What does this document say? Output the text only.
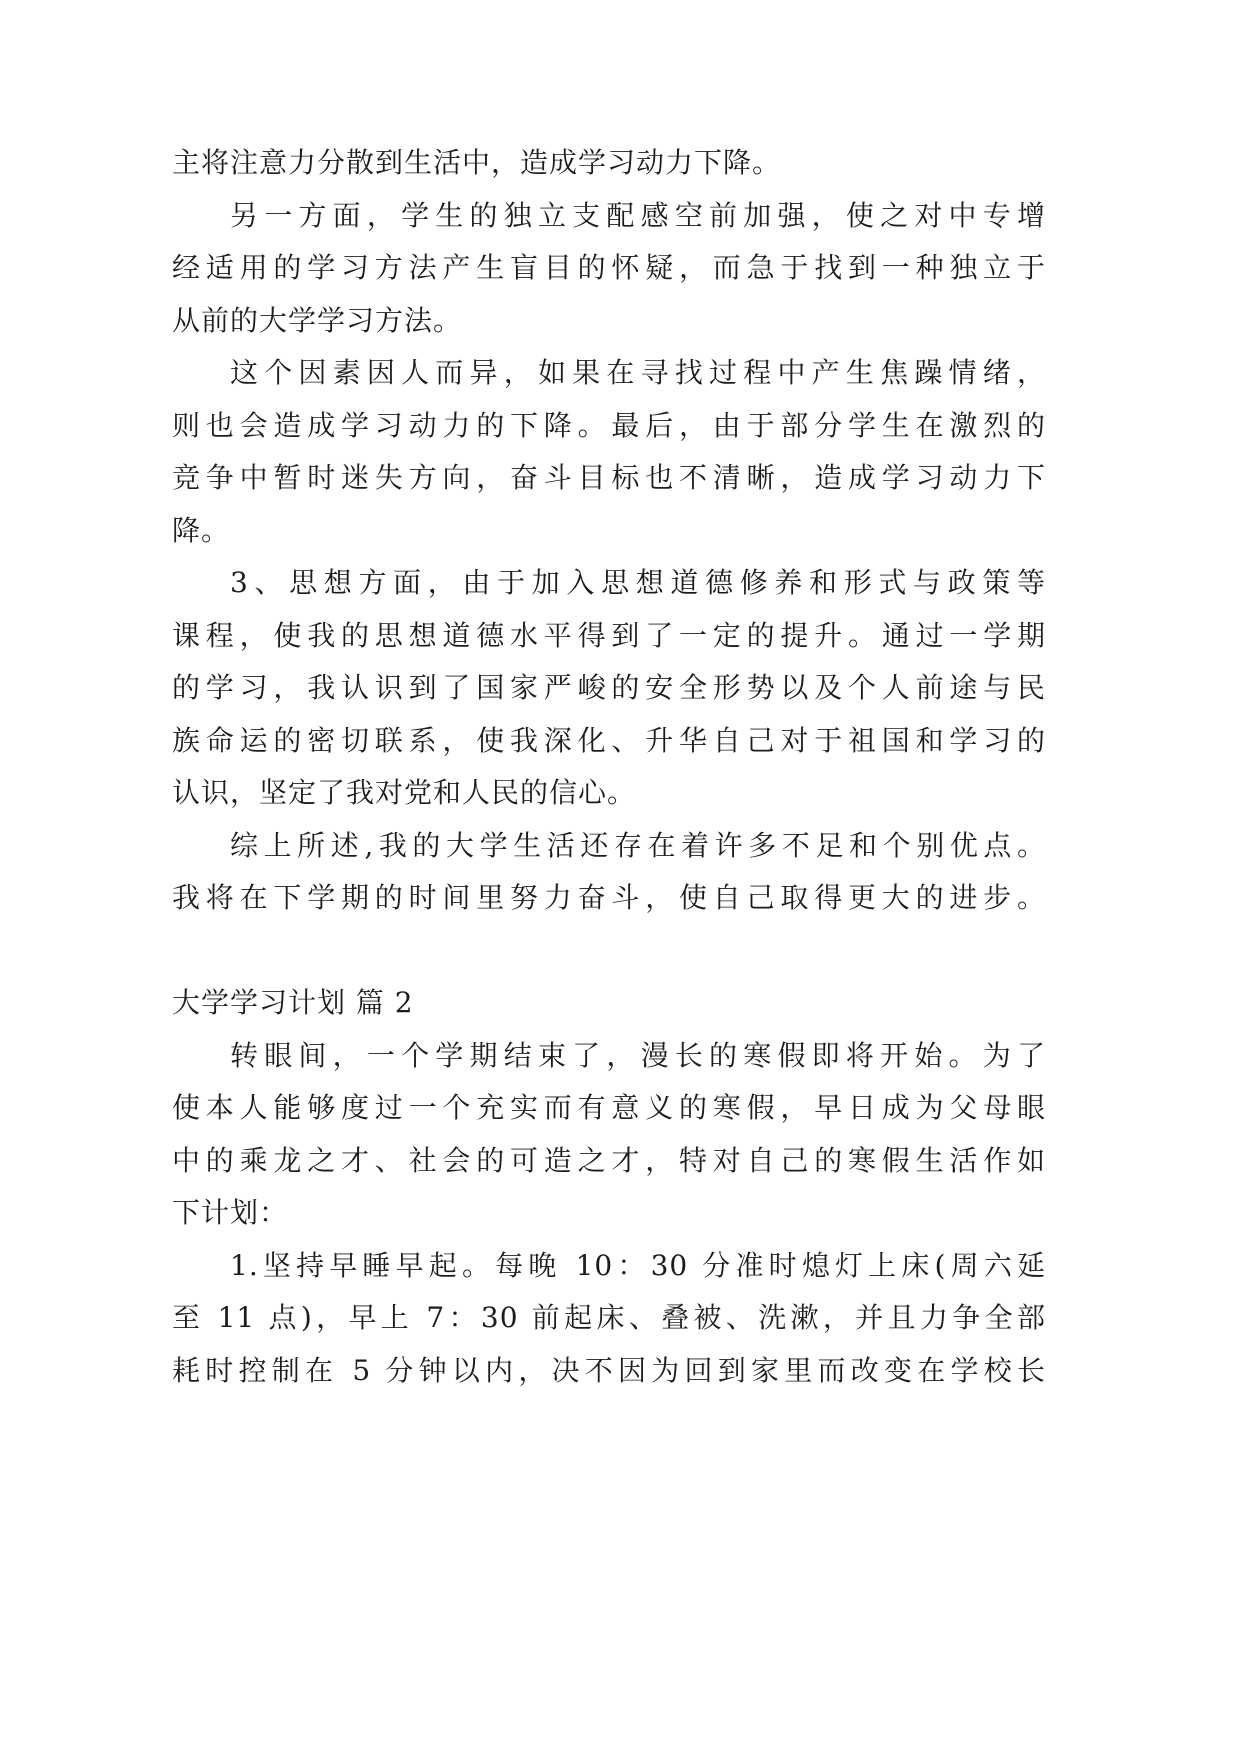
主将注意力分散到生活中，造成学习动力下降。
另一方面，学生的独立支配感空前加强，使之对中专增
经适用的学习方法产生盲目的怀疑，而急于找到一种独立于
从前的大学学习方法。
这个因素因人而异，如果在寻找过程中产生焦躁情绪，
则也会造成学习动力的下降。最后，由于部分学生在激烈的
竞争中暂时迷失方向，奋斗目标也不清晰，造成学习动力下
降。
3、思想方面，由于加入思想道德修养和形式与政策等
课程，使我的思想道德水平得到了一定的提升。通过一学期
的学习，我认识到了国家严峻的安全形势以及个人前途与民
族命运的密切联系，使我深化、升华自己对于祖国和学习的
认识，坚定了我对党和人民的信心。
综上所述,我的大学生活还存在着许多不足和个别优点。
我将在下学期的时间里努力奋斗，使自己取得更大的进步。
大学学习计划 篇 2
转眼间，一个学期结束了，漫长的寒假即将开始。为了
使本人能够度过一个充实而有意义的寒假，早日成为父母眼
中的乘龙之才、社会的可造之才，特对自己的寒假生活作如
下计划：
1.坚持早睡早起。每晚 10：30 分准时熄灯上床(周六延
至 11 点)，早上 7：30 前起床、叠被、洗漱，并且力争全部
耗时控制在 5 分钟以内，决不因为回到家里而改变在学校长
